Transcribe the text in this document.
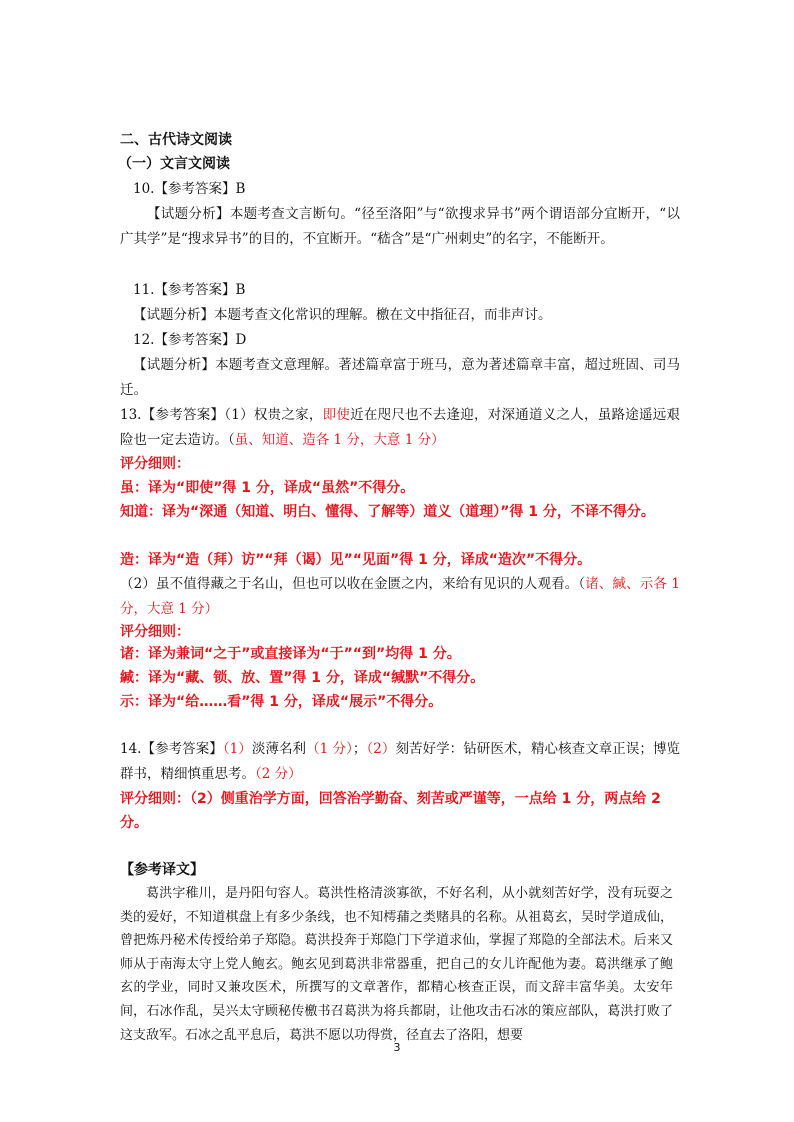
二、古代诗文阅读
（一）文言文阅读
10.【参考答案】B
【试题分析】本题考查文言断句。“径至洛阳”与“欲搜求异书”两个谓语部分宜断开，“以广其学”是“搜求异书”的目的，不宜断开。“嵇含”是“广州刺史”的名字，不能断开。
11.【参考答案】B
【试题分析】本题考查文化常识的理解。檄在文中指征召，而非声讨。
12.【参考答案】D
【试题分析】本题考查文意理解。著述篇章富于班马，意为著述篇章丰富，超过班固、司马迁。
13.【参考答案】（1）权贵之家，即使近在咫尺也不去逢迎，对深通道义之人，虽路途遥远艰险也一定去造访。（虽、知道、造各 1 分，大意 1 分）
评分细则：
虽：译为“即使”得 1 分，译成“虽然”不得分。
知道：译为“深通（知道、明白、懂得、了解等）道义（道理）”得 1 分，不译不得分。
造：译为“造（拜）访”“拜（谒）见”“见面”得 1 分，译成“造次”不得分。
（2）虽不值得藏之于名山，但也可以收在金匮之内，来给有见识的人观看。（诸、緘、示各 1 分，大意 1 分）
评分细则：
诸：译为兼词“之于”或直接译为“于”“到”均得 1 分。
緘：译为“藏、锁、放、置”得 1 分，译成“缄默”不得分。
示：译为“给……看”得 1 分，译成“展示”不得分。
14.【参考答案】（1）淡薄名利（1 分）；（2）刻苦好学：钻研医术，精心核查文章正误；博览群书，精细慎重思考。（2 分）
评分细则：（2）侧重治学方面，回答治学勤奋、刻苦或严谨等，一点给 1 分，两点给 2 分。
【参考译文】
葛洪字稚川，是丹阳句容人。葛洪性格清淡寡欲，不好名利，从小就刻苦好学，没有玩耍之类的爱好，不知道棋盘上有多少条线，也不知樗蒱之类赌具的名称。从祖葛玄，吴时学道成仙，曾把炼丹秘术传授给弟子郑隐。葛洪投奔于郑隐门下学道求仙，掌握了郑隐的全部法术。后来又师从于南海太守上党人鲍玄。鲍玄见到葛洪非常器重，把自己的女儿许配他为妻。葛洪继承了鲍玄的学业，同时又兼攻医术，所撰写的文章著作，都精心核查正误，而文辞丰富华美。太安年间，石冰作乱，吴兴太守顾秘传檄书召葛洪为将兵都尉，让他攻击石冰的策应部队，葛洪打败了这支敌军。石冰之乱平息后，葛洪不愿以功得赏，径直去了洛阳，想要
3
